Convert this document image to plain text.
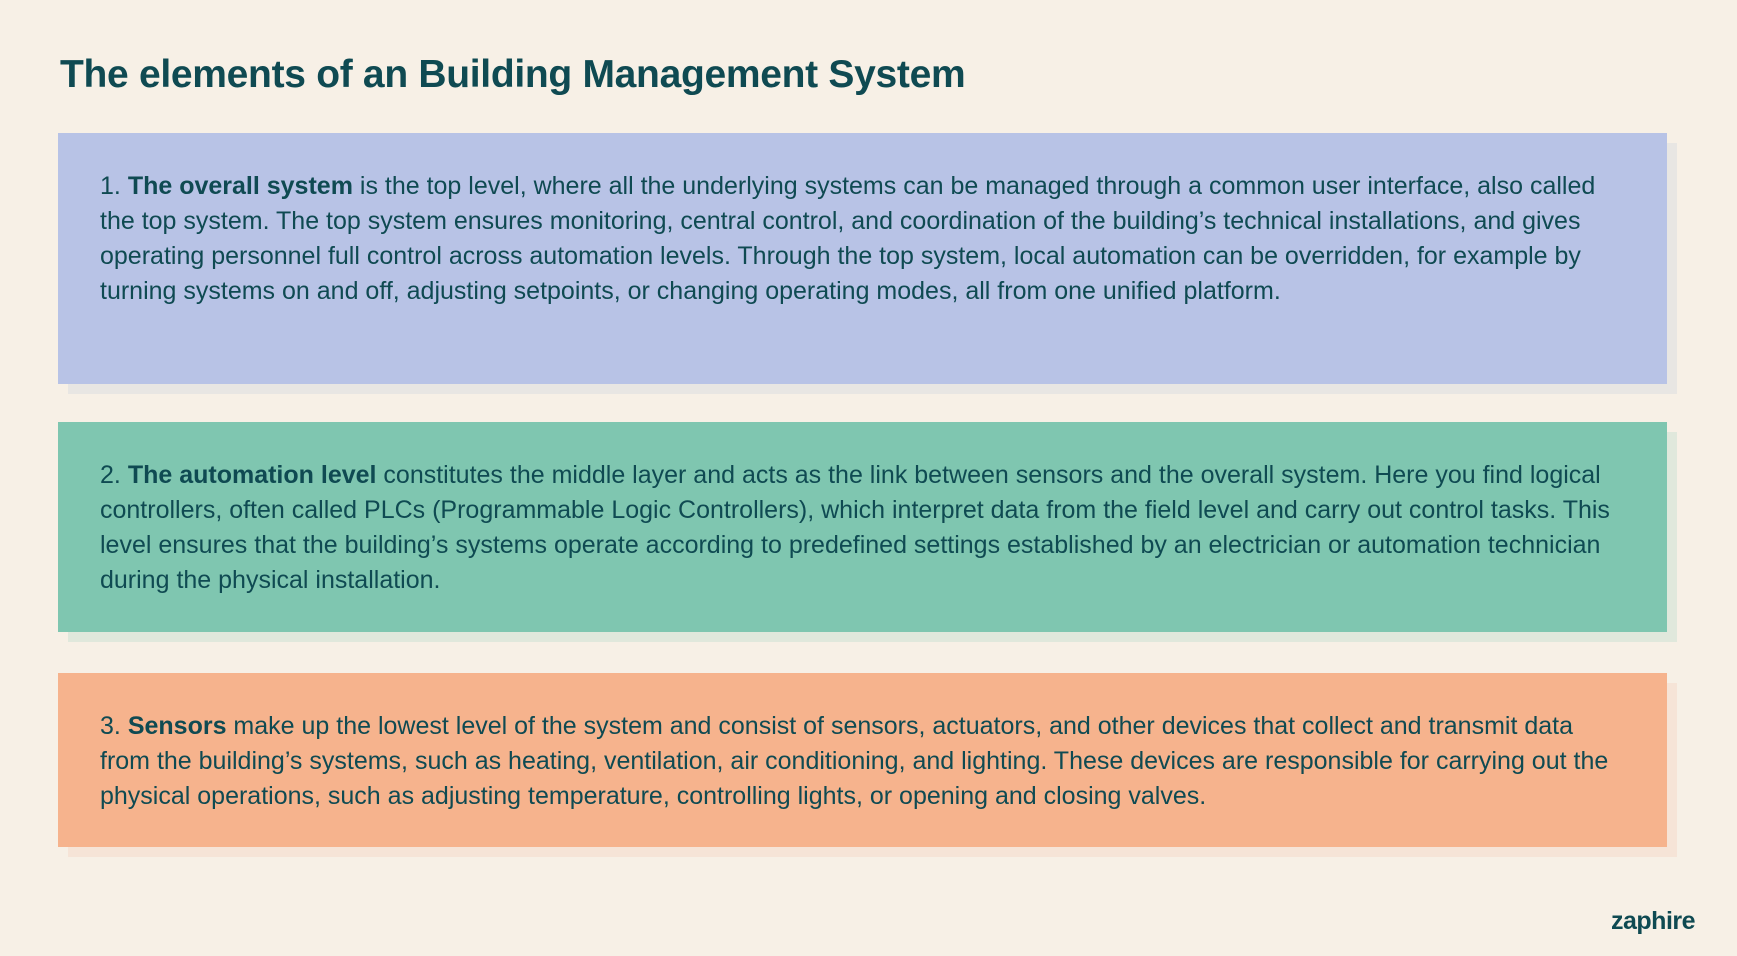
The elements of an Building Management System
1. The overall system is the top level, where all the underlying systems can be managed through a common user interface, also called the top system. The top system ensures monitoring, central control, and coordination of the building’s technical installations, and gives operating personnel full control across automation levels. Through the top system, local automation can be overridden, for example by turning systems on and off, adjusting setpoints, or changing operating modes, all from one unified platform.
2. The automation level constitutes the middle layer and acts as the link between sensors and the overall system. Here you find logical controllers, often called PLCs (Programmable Logic Controllers), which interpret data from the field level and carry out control tasks. This level ensures that the building’s systems operate according to predefined settings established by an electrician or automation technician during the physical installation.
3. Sensors make up the lowest level of the system and consist of sensors, actuators, and other devices that collect and transmit data from the building’s systems, such as heating, ventilation, air conditioning, and lighting. These devices are responsible for carrying out the physical operations, such as adjusting temperature, controlling lights, or opening and closing valves.
zaphire
